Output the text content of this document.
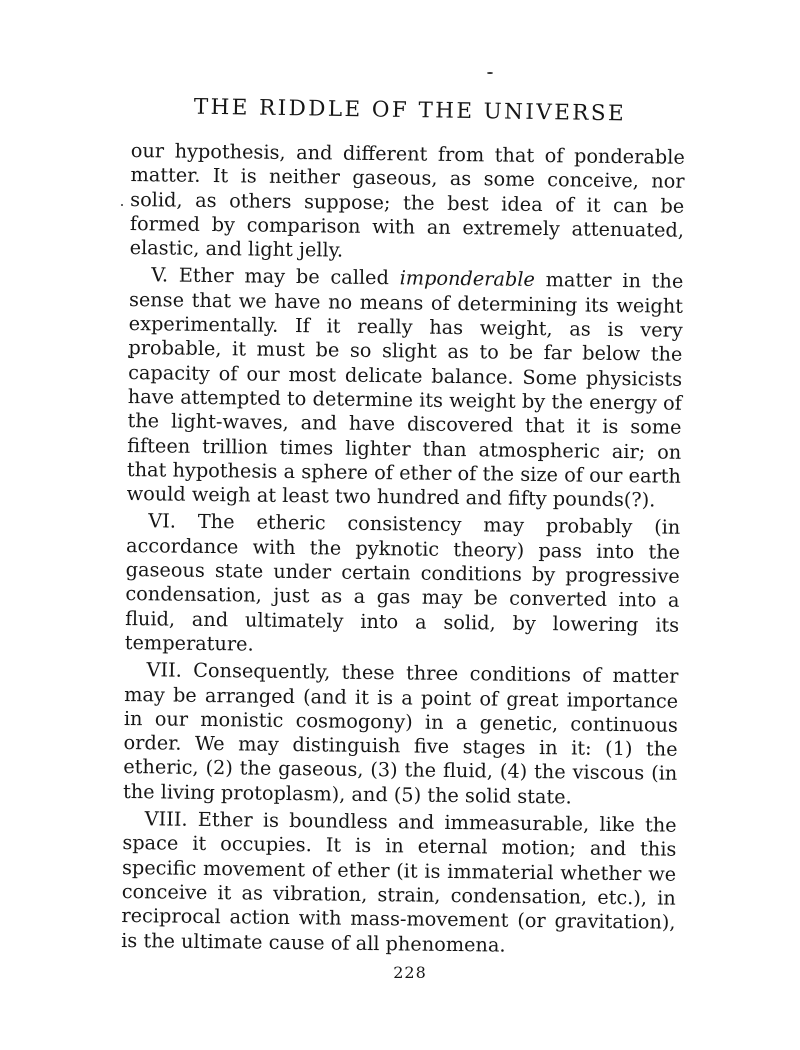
THE RIDDLE OF THE UNIVERSE

our hypothesis, and different from that of ponderable matter. It is neither gaseous, as some conceive, nor solid, as others suppose; the best idea of it can be formed by comparison with an extremely attenuated, elastic, and light jelly.

V. Ether may be called imponderable matter in the sense that we have no means of determining its weight experimentally. If it really has weight, as is very probable, it must be so slight as to be far below the capacity of our most delicate balance. Some physicists have attempted to determine its weight by the energy of the light-waves, and have discovered that it is some fifteen trillion times lighter than atmospheric air; on that hypothesis a sphere of ether of the size of our earth would weigh at least two hundred and fifty pounds(?).

VI. The etheric consistency may probably (in accordance with the pyknotic theory) pass into the gaseous state under certain conditions by progressive condensation, just as a gas may be converted into a fluid, and ultimately into a solid, by lowering its temperature.

VII. Consequently, these three conditions of matter may be arranged (and it is a point of great importance in our monistic cosmogony) in a genetic, continuous order. We may distinguish five stages in it: (1) the etheric, (2) the gaseous, (3) the fluid, (4) the viscous (in the living protoplasm), and (5) the solid state.

VIII. Ether is boundless and immeasurable, like the space it occupies. It is in eternal motion; and this specific movement of ether (it is immaterial whether we conceive it as vibration, strain, condensation, etc.), in reciprocal action with mass-movement (or gravitation), is the ultimate cause of all phenomena.

228
